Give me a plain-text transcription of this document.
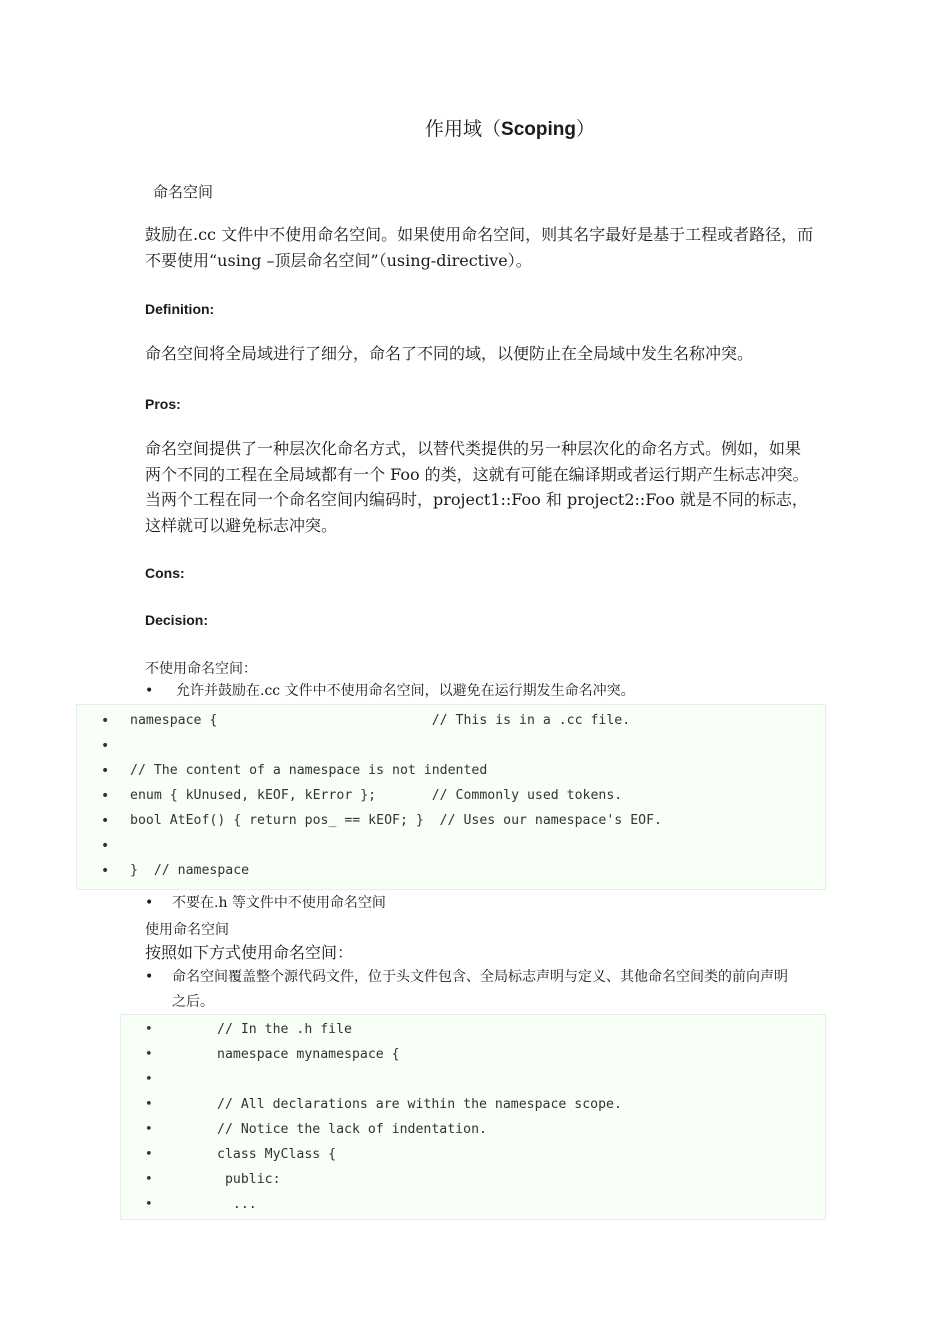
作用域（Scoping）
命名空间
鼓励在.cc 文件中不使用命名空间。如果使用命名空间，则其名字最好是基于工程或者路径，而不要使用“using –顶层命名空间”（using-directive）。
Definition:
命名空间将全局域进行了细分，命名了不同的域，以便防止在全局域中发生名称冲突。
Pros:
命名空间提供了一种层次化命名方式，以替代类提供的另一种层次化的命名方式。例如，如果两个不同的工程在全局域都有一个 Foo 的类，这就有可能在编译期或者运行期产生标志冲突。当两个工程在同一个命名空间内编码时，project1::Foo 和 project2::Foo 就是不同的标志，这样就可以避免标志冲突。
Cons:
Decision:
不使用命名空间：
• 允许并鼓励在.cc 文件中不使用命名空间，以避免在运行期发生命名冲突。
• namespace {                           // This is in a .cc file.
•
• // The content of a namespace is not indented
• enum { kUnused, kEOF, kError };       // Commonly used tokens.
• bool AtEof() { return pos_ == kEOF; }  // Uses our namespace's EOF.
•
• }  // namespace
• 不要在.h 等文件中不使用命名空间
使用命名空间
按照如下方式使用命名空间：
• 命名空间覆盖整个源代码文件，位于头文件包含、全局标志声明与定义、其他命名空间类的前向声明
之后。
•	// In the .h file
•	namespace mynamespace {
•
•	// All declarations are within the namespace scope.
•	// Notice the lack of indentation.
•	class MyClass {
•	public:
•	...
